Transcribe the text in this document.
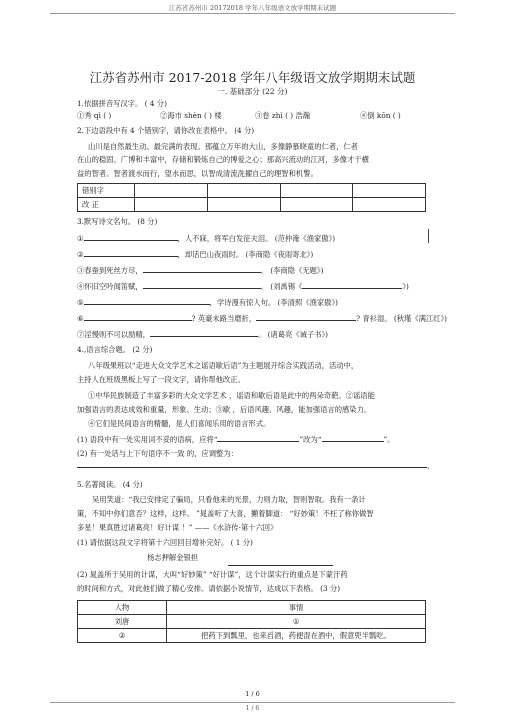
江苏省苏州市 20172018 学年八年级语文放学期期末试题
江苏省苏州市 2017-2018 学年八年级语文放学期期末试题
一. 基础部分 (22 分)
1.依据拼音写汉字。 ( 4 分)
①秀 qì ( )	②海市 shèn ( ) 楼	③卷 zhì ( ) 浩瀚	④倒 kōn ( )
2.下边语段中有 4 个错别字，请你改在表格中。 (4 分)
山川是自然最生动、最完满的表现。那蕴立万年的大山，多像静慕晓童的仁者，仁者
在山的稳固、广博和丰富中，存储和锻炼自己的博爱之心；那高兴流动的江河，多像才干横
益的智者。智者渡水而行，望水而思，以智成清流洗擢自己的理智和机警。
错别字				
改 正				
3.默写诗文名句。 (8 分)
①	，人不寐，将军白发征夫泪。 (范仲淹《渔家傲》)
②	，却话巴山夜雨时。 (李商隐《夜雨寄北》)
③春蚕到死丝方尽，	。 (李商隐《无题》)
④怀旧空吟闻笛赋，	。 (刘禹锡《	》)
⑤	，学诗漫有惊人句。 (李清照《渔家傲》)
⑥	? 英豪未路当磨折，	? 青衫湿。 (秋瑾《满江红》)
⑦淫慢则不可以励精，	。 (诸葛亮《诫子书》)
4.,语言综合题。 (2 分)
八年级果班以“走进大众文学艺术之谣语歇后语”为主题展开综合实践活动，活动中，
主持人在班级黑板上写了一段文字，请你帮他改正。
①中华民族制造了丰富多彩的大众文学艺术 ，谣语和歇后语是此中的两朵奇葩。②谣语能
加强语言的表达成效和重量，形象、生动；③歇 ，后语风趣、风趣，能加强语言的感染力。
④它们是民间语言的精髓，是人们喜闻乐用的语言形式。
(1) 语段中有一处实用词不妥的语病，应将“	”改为“	”。
(2) 有一处话与上下句语序不一致 的，应调整为：
，
5.名著阅读。 (4 分)
吴用笑道：“我已安排定了骗局，只看他来的光景，力则力取，智则智取。我有一条计
策，不知中你们意否？这样，这样。 ”晁盖听了大喜，攧着脚道： “好妙策！不枉了称你做智
多星！果真胜过诸葛亮！好计谋 ！” ——《水浒传·第十六回》
(1) 请依据这段文字将第十六回回目增补完好。 ( 1 分)
杨志押解金银担
(2) 晁盖所于吴用的计谋，大叫“好妙策” “好计谋”，这个计谋实行的重点是下蒙汗药
的时间和方式，对此他们做了精心安排。请依据小说情节，达成以下表格。 (3 分)
人物	事情
刘唐	①
②	把药下到瓢里，也来舀酒，药便混在酒中，假意兜半瓢吃。
1 / 6
1 / 6
